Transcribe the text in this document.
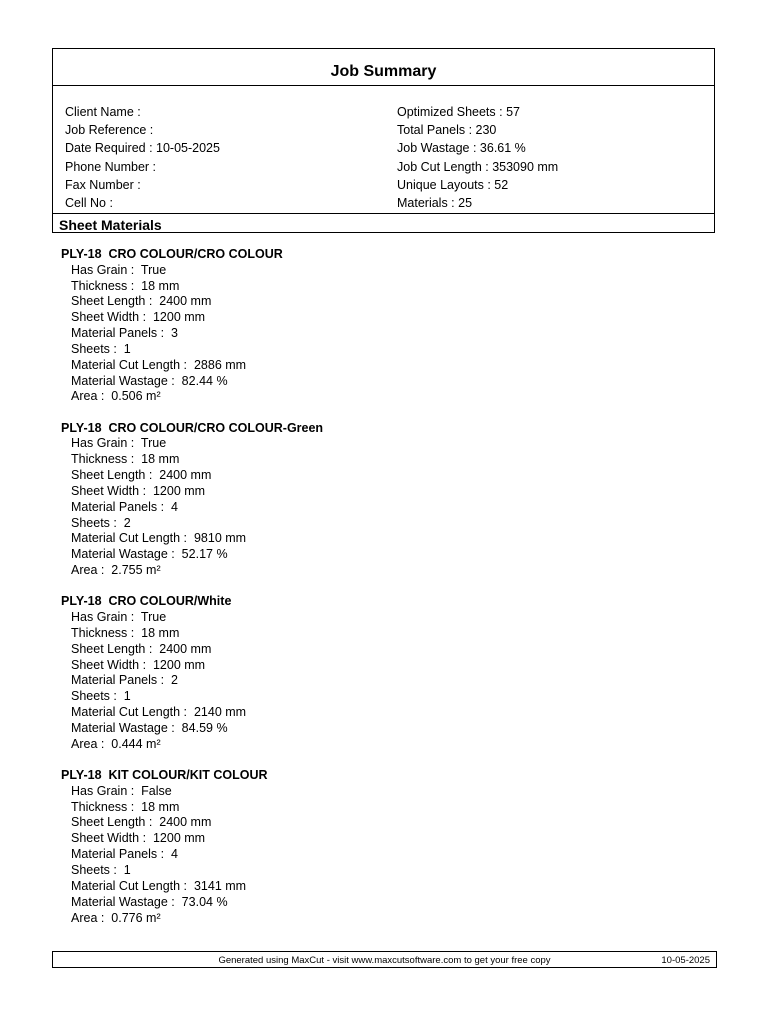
Job Summary
Client Name :
Job Reference :
Date Required : 10-05-2025
Phone Number :
Fax Number :
Cell No :
Optimized Sheets : 57
Total Panels : 230
Job Wastage : 36.61 %
Job Cut Length : 353090 mm
Unique Layouts : 52
Materials : 25
Sheet Materials
PLY-18  CRO COLOUR/CRO COLOUR
Has Grain :  True
Thickness :  18 mm
Sheet Length :  2400 mm
Sheet Width :  1200 mm
Material Panels :  3
Sheets :  1
Material Cut Length :  2886 mm
Material Wastage :  82.44 %
Area :  0.506 m²
PLY-18  CRO COLOUR/CRO COLOUR-Green
Has Grain :  True
Thickness :  18 mm
Sheet Length :  2400 mm
Sheet Width :  1200 mm
Material Panels :  4
Sheets :  2
Material Cut Length :  9810 mm
Material Wastage :  52.17 %
Area :  2.755 m²
PLY-18  CRO COLOUR/White
Has Grain :  True
Thickness :  18 mm
Sheet Length :  2400 mm
Sheet Width :  1200 mm
Material Panels :  2
Sheets :  1
Material Cut Length :  2140 mm
Material Wastage :  84.59 %
Area :  0.444 m²
PLY-18  KIT COLOUR/KIT COLOUR
Has Grain :  False
Thickness :  18 mm
Sheet Length :  2400 mm
Sheet Width :  1200 mm
Material Panels :  4
Sheets :  1
Material Cut Length :  3141 mm
Material Wastage :  73.04 %
Area :  0.776 m²
Generated using MaxCut - visit www.maxcutsoftware.com to get your free copy	10-05-2025
